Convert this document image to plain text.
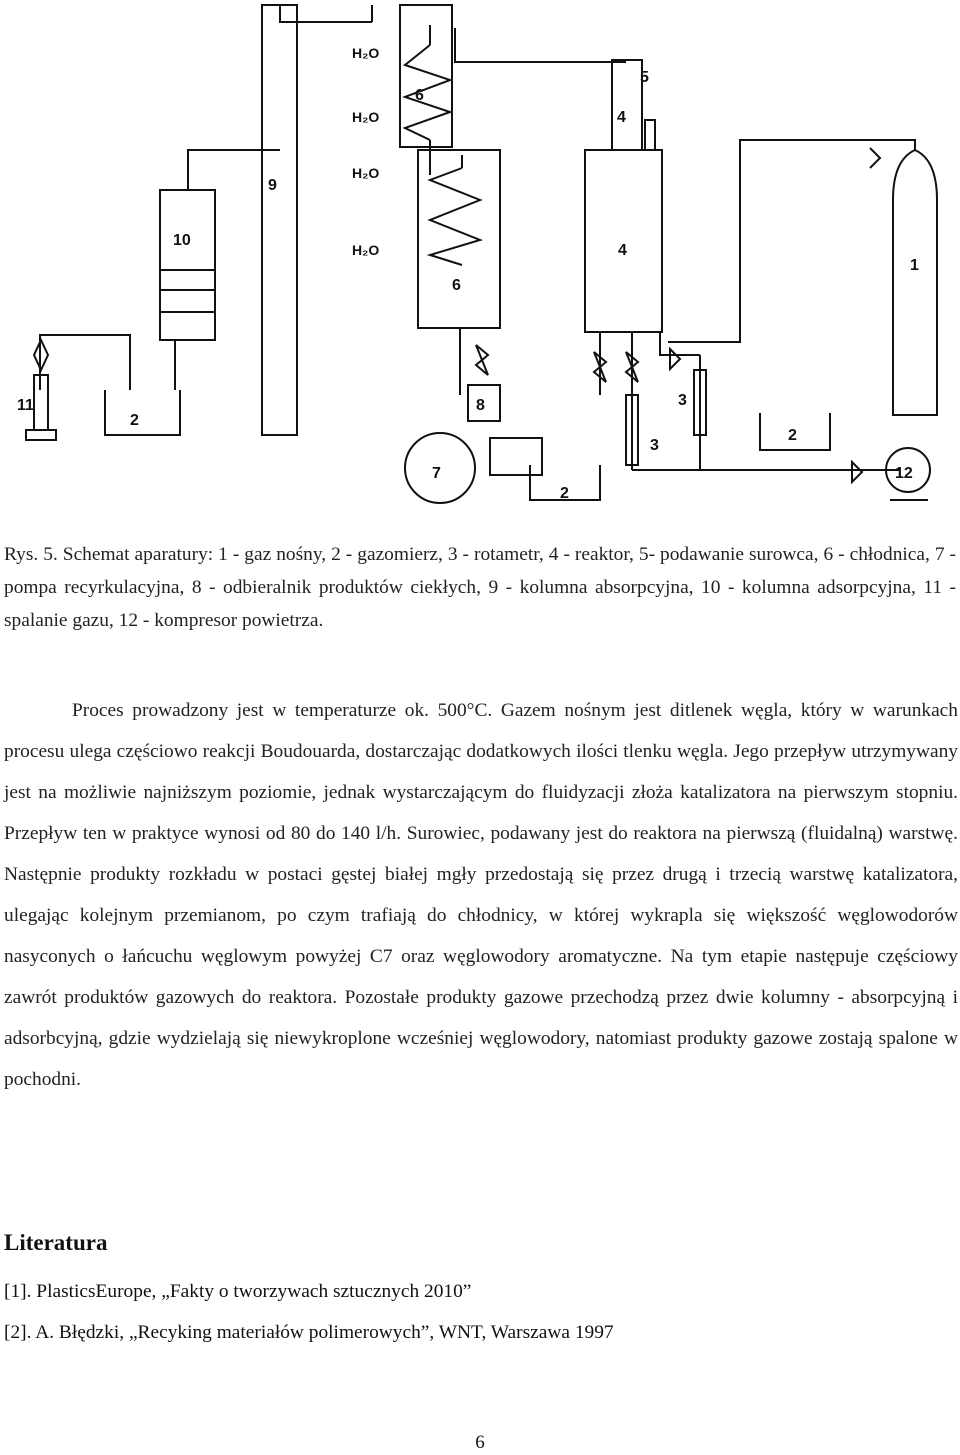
11
2
10
9
6
6
4
5
4
1
8
7
2
3
3
2
12
H₂O
H₂O
H₂O
H₂O
Rys. 5. Schemat aparatury: 1 - gaz nośny, 2 - gazomierz, 3 - rotametr, 4 - reaktor, 5- podawanie surowca, 6 - chłodnica, 7 - pompa recyrkulacyjna, 8 - odbieralnik produktów ciekłych, 9 - kolumna absorpcyjna, 10 - kolumna adsorpcyjna, 11 - spalanie gazu, 12 - kompresor powietrza.
Proces prowadzony jest w temperaturze ok. 500°C. Gazem nośnym jest ditlenek węgla, który w warunkach procesu ulega częściowo reakcji Boudouarda, dostarczając dodatkowych ilości tlenku węgla. Jego przepływ utrzymywany jest na możliwie najniższym poziomie, jednak wystarczającym do fluidyzacji złoża katalizatora na pierwszym stopniu. Przepływ ten w praktyce wynosi od 80 do 140 l/h. Surowiec, podawany jest do reaktora na pierwszą (fluidalną) warstwę. Następnie produkty rozkładu w postaci gęstej białej mgły przedostają się przez drugą i trzecią warstwę katalizatora, ulegając kolejnym przemianom, po czym trafiają do chłodnicy, w której wykrapla się większość węglowodorów nasyconych o łańcuchu węglowym powyżej C7 oraz węglowodory aromatyczne. Na tym etapie następuje częściowy zawrót produktów gazowych do reaktora. Pozostałe produkty gazowe przechodzą przez dwie kolumny - absorpcyjną i adsorbcyjną, gdzie wydzielają się niewykroplone wcześniej węglowodory, natomiast produkty gazowe zostają spalone w pochodni.
Literatura
[1]. PlasticsEurope, „Fakty o tworzywach sztucznych 2010”
[2]. A. Błędzki, „Recyking materiałów polimerowych”, WNT, Warszawa 1997
6
